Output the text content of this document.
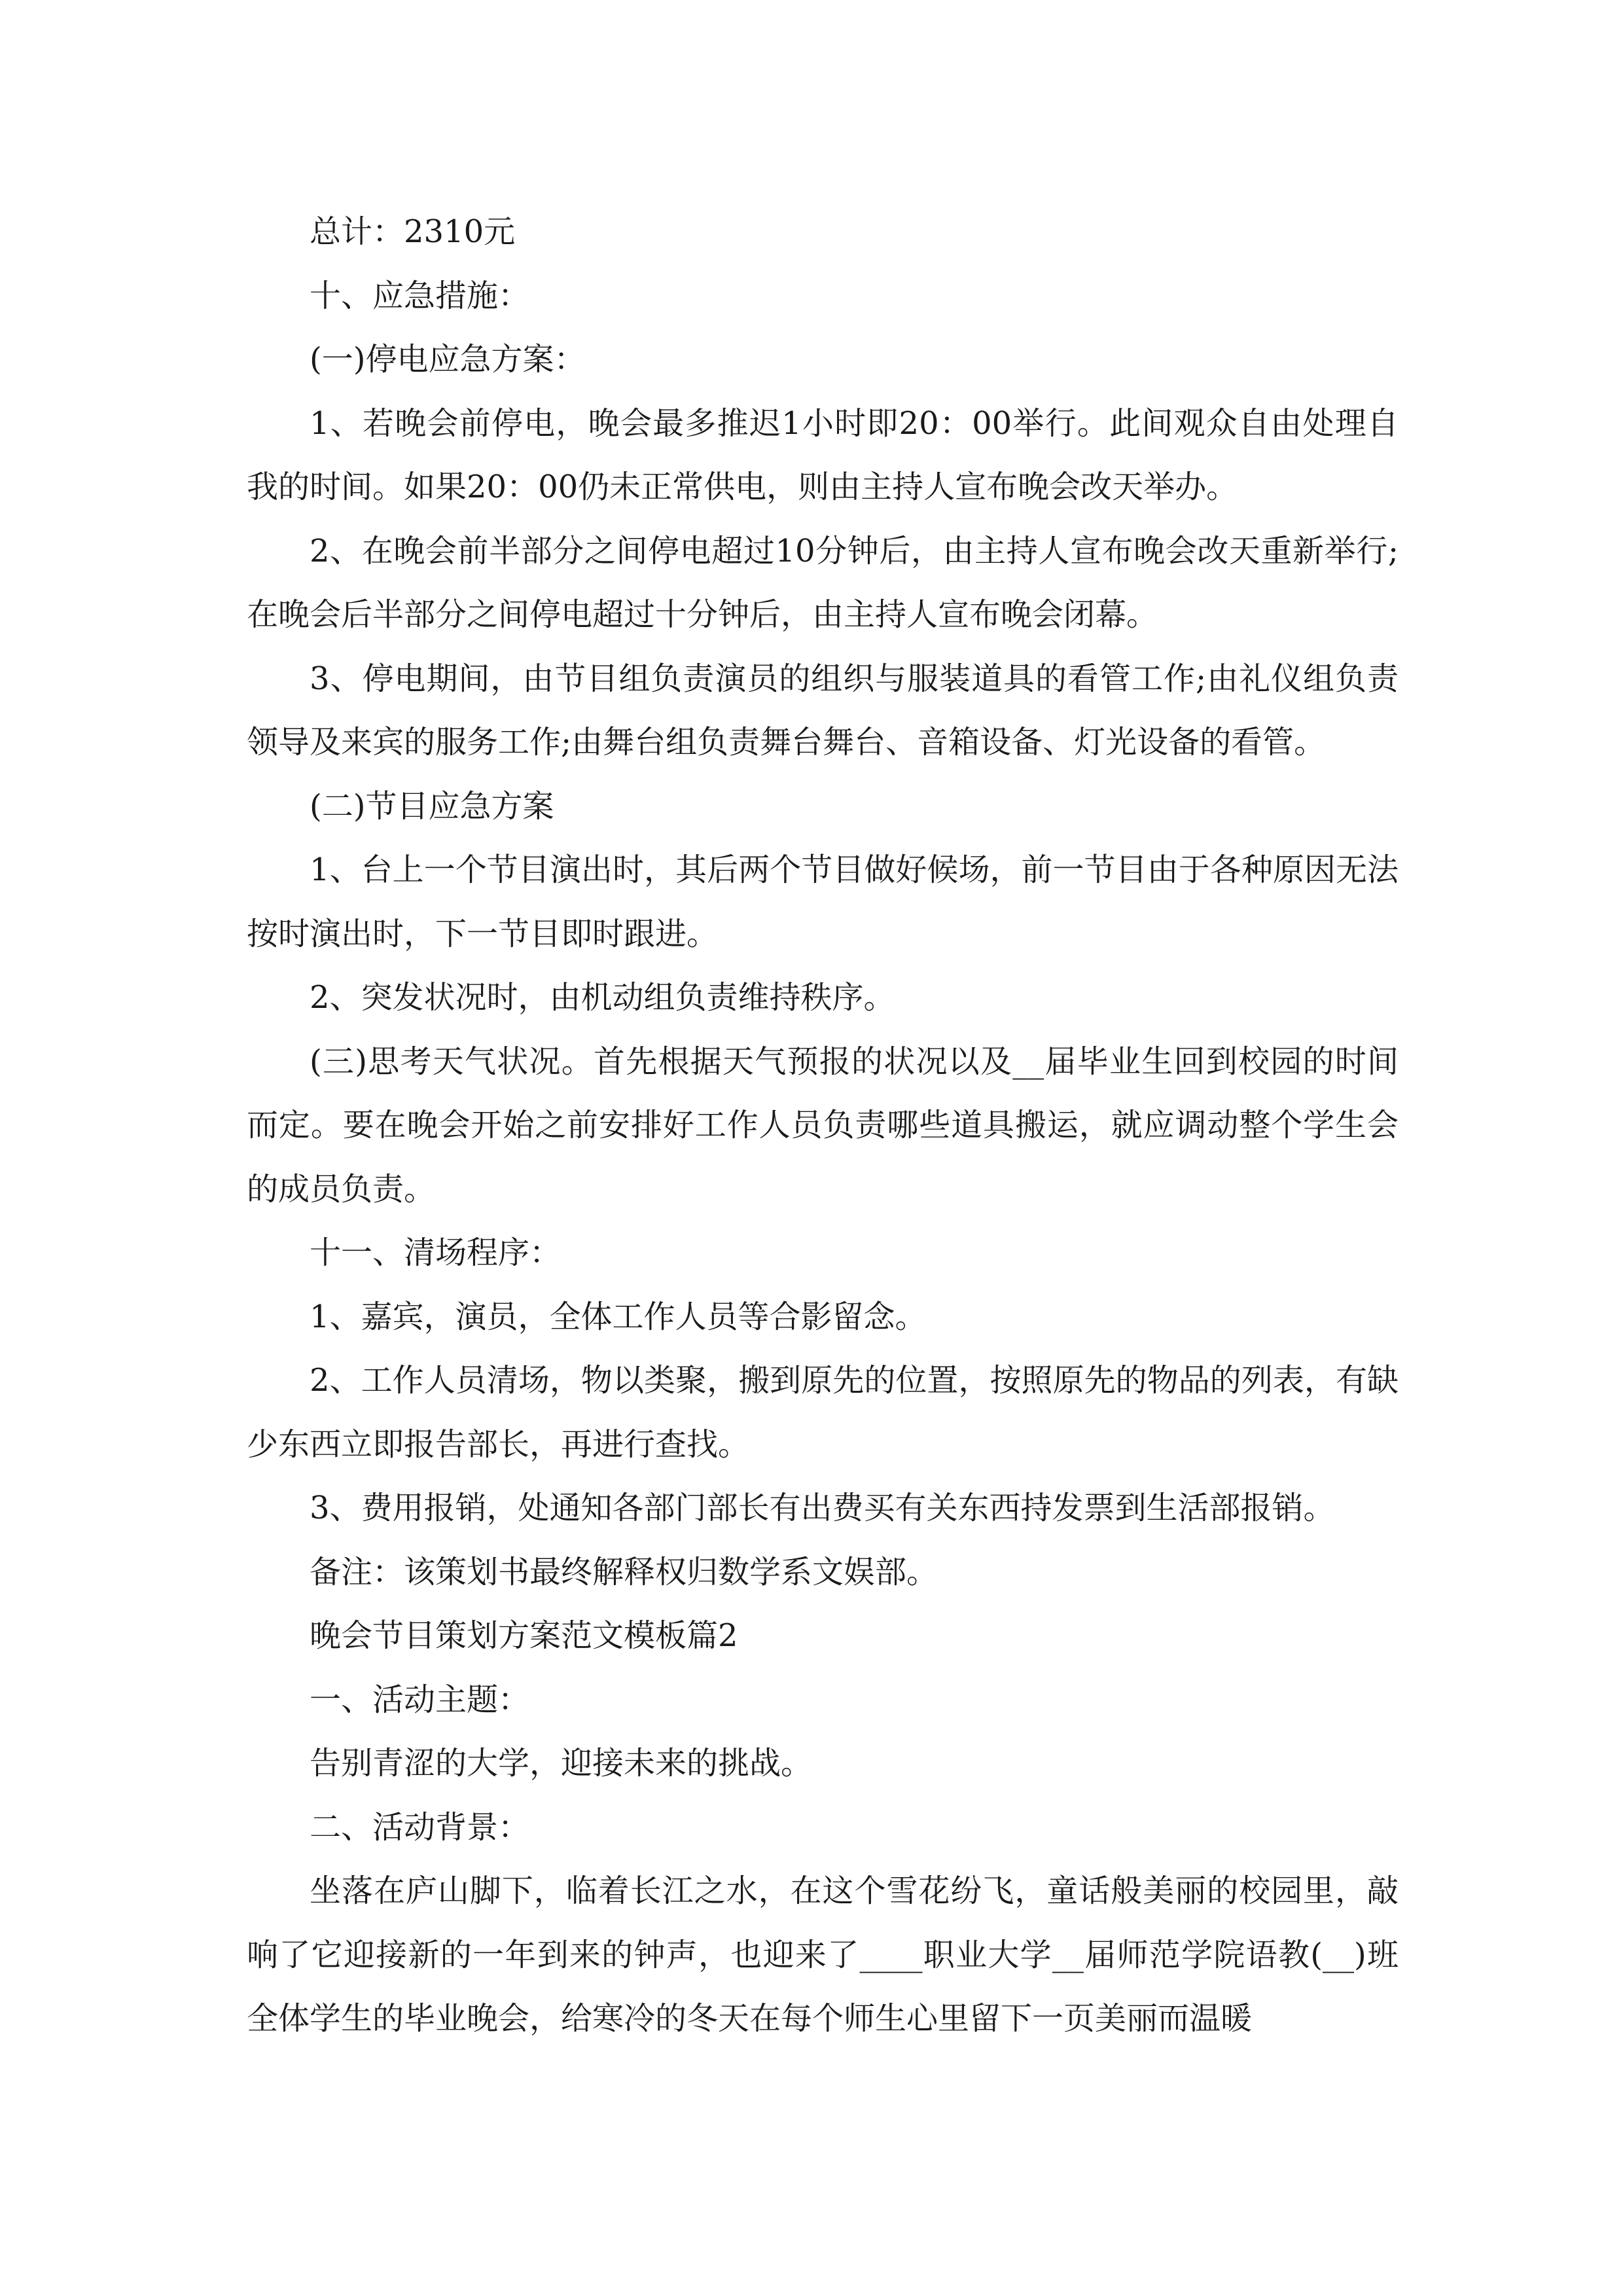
总计：2310元

十、应急措施：

(一)停电应急方案：

1、若晚会前停电，晚会最多推迟1小时即20：00举行。此间观众自由处理自我的时间。如果20：00仍未正常供电，则由主持人宣布晚会改天举办。

2、在晚会前半部分之间停电超过10分钟后，由主持人宣布晚会改天重新举行;在晚会后半部分之间停电超过十分钟后，由主持人宣布晚会闭幕。

3、停电期间，由节目组负责演员的组织与服装道具的看管工作;由礼仪组负责领导及来宾的服务工作;由舞台组负责舞台舞台、音箱设备、灯光设备的看管。

(二)节目应急方案

1、台上一个节目演出时，其后两个节目做好候场，前一节目由于各种原因无法按时演出时，下一节目即时跟进。

2、突发状况时，由机动组负责维持秩序。

(三)思考天气状况。首先根据天气预报的状况以及__届毕业生回到校园的时间而定。要在晚会开始之前安排好工作人员负责哪些道具搬运，就应调动整个学生会的成员负责。

十一、清场程序：

1、嘉宾，演员，全体工作人员等合影留念。

2、工作人员清场，物以类聚，搬到原先的位置，按照原先的物品的列表，有缺少东西立即报告部长，再进行查找。

3、费用报销，处通知各部门部长有出费买有关东西持发票到生活部报销。

备注：该策划书最终解释权归数学系文娱部。

晚会节目策划方案范文模板篇2

一、活动主题：

告别青涩的大学，迎接未来的挑战。

二、活动背景：

坐落在庐山脚下，临着长江之水，在这个雪花纷飞，童话般美丽的校园里，敲响了它迎接新的一年到来的钟声，也迎来了____职业大学__届师范学院语教(__)班全体学生的毕业晚会，给寒冷的冬天在每个师生心里留下一页美丽而温暖
